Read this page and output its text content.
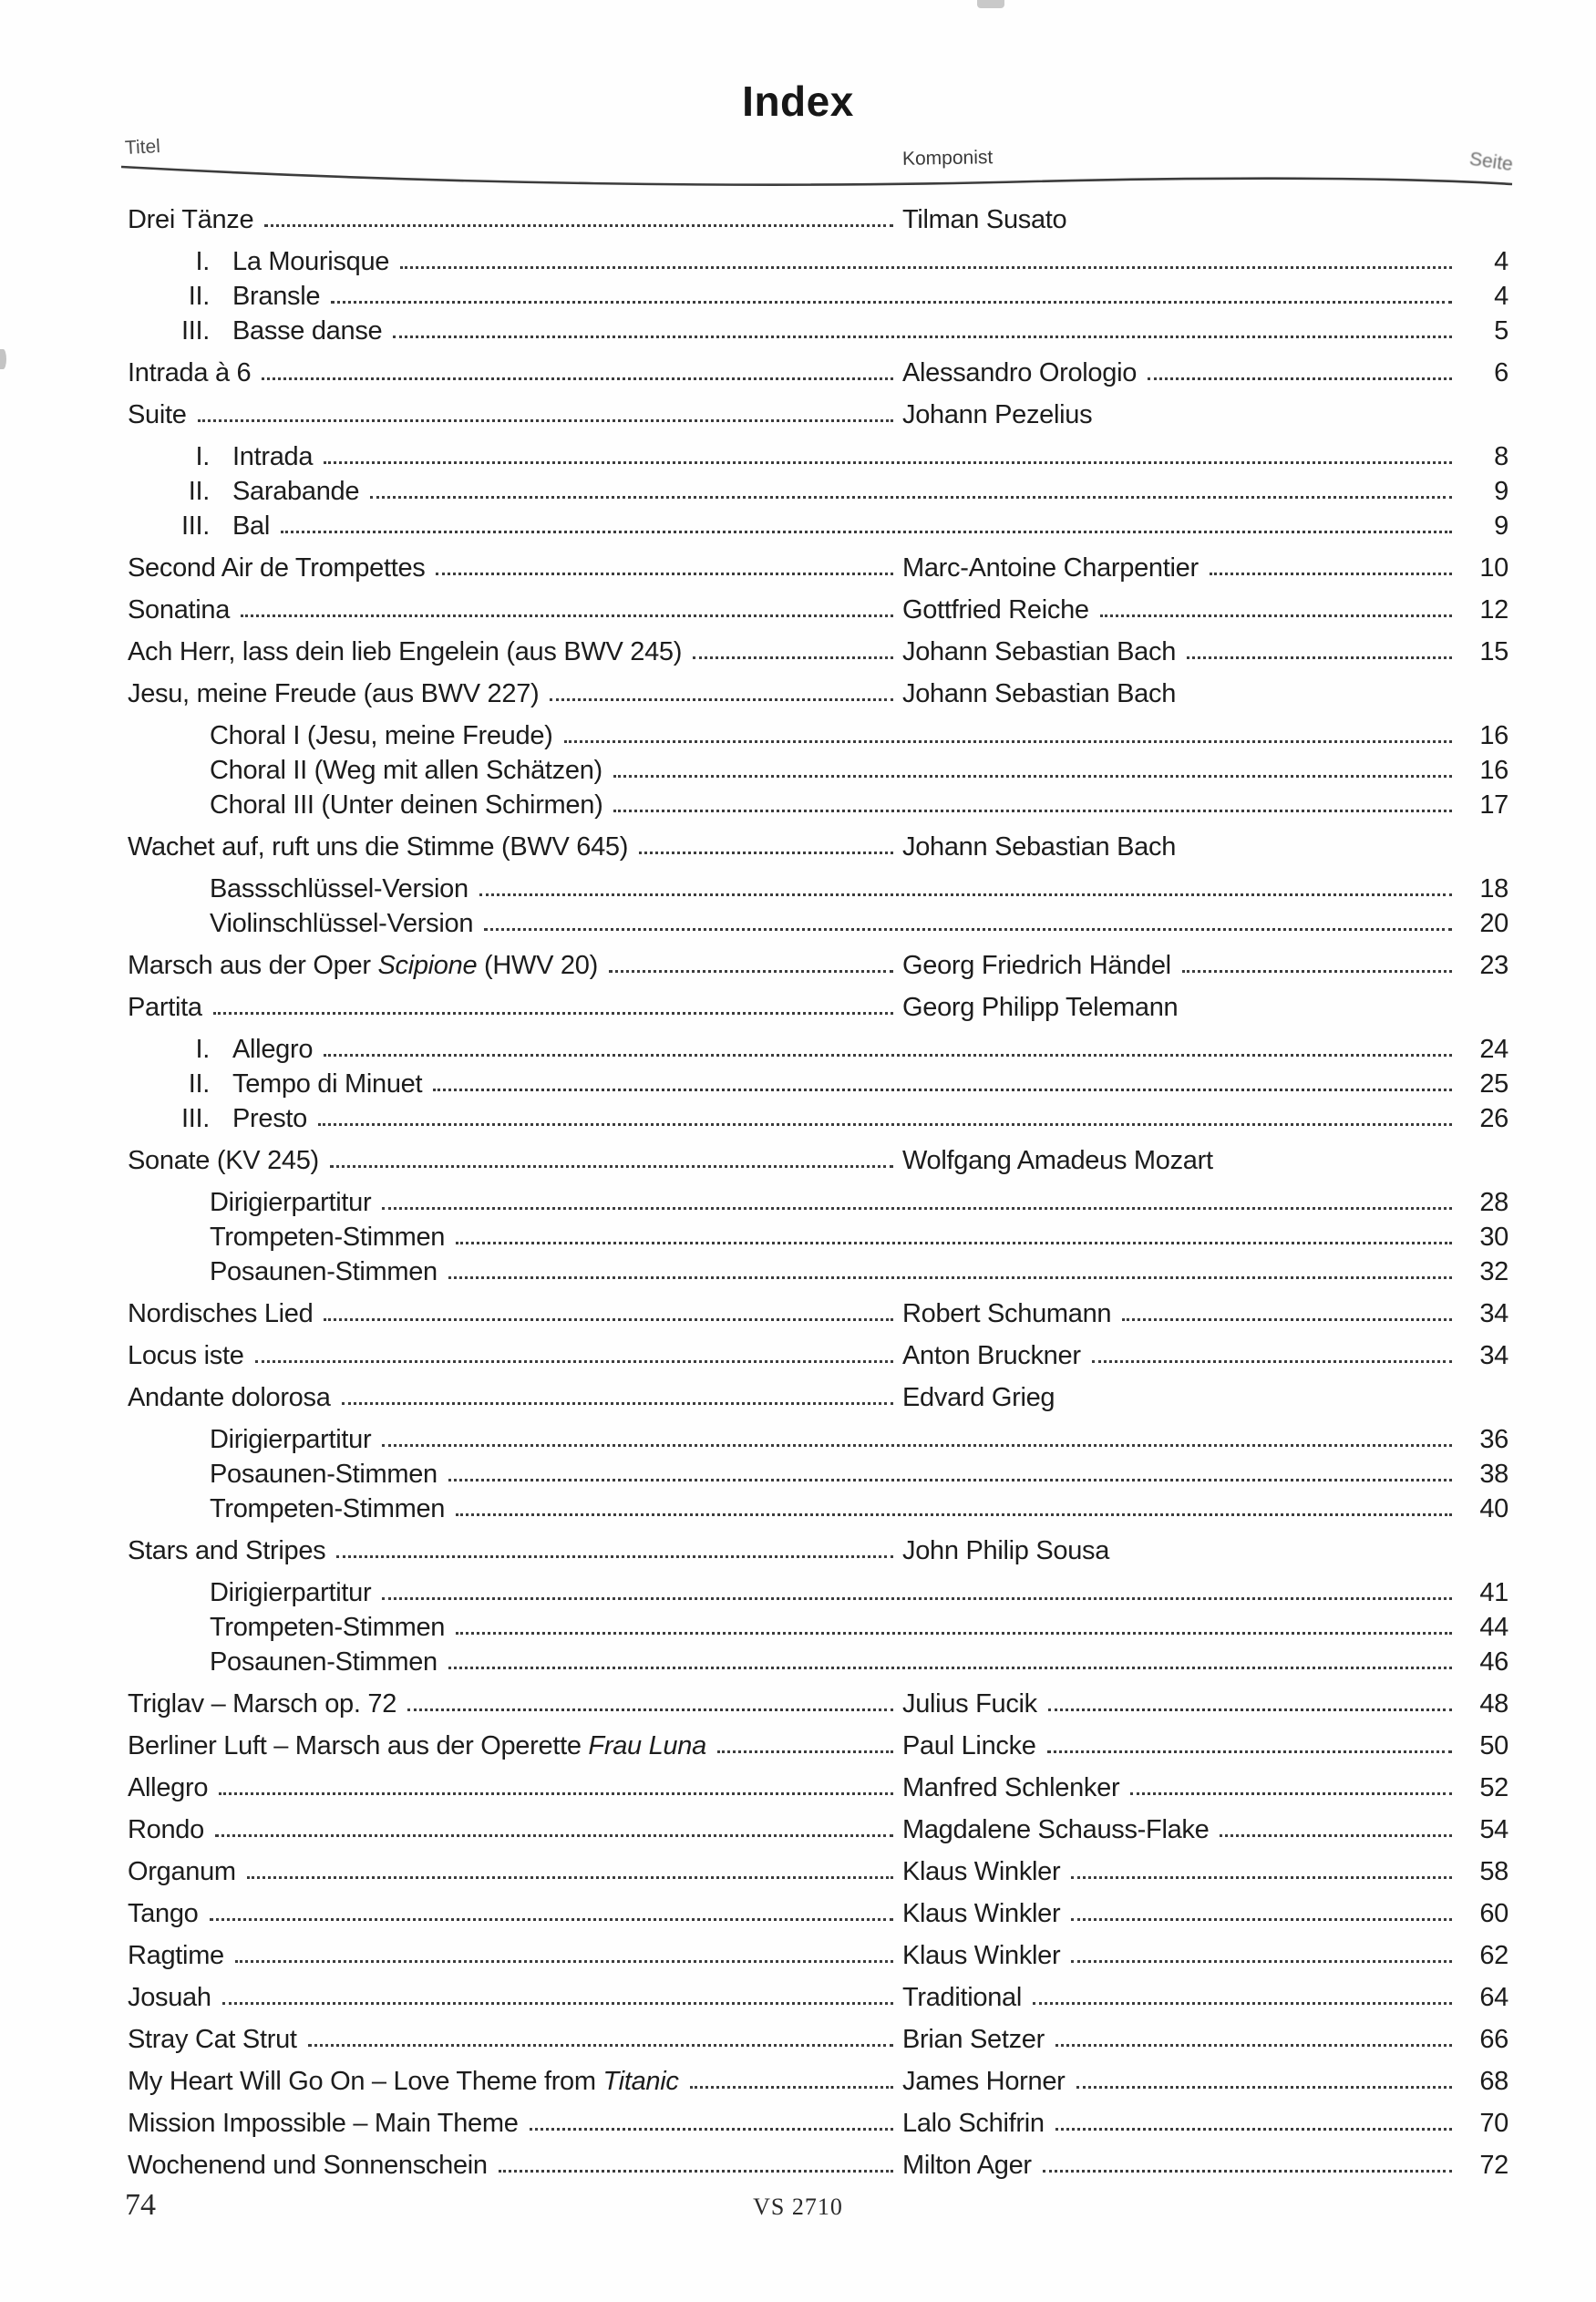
Index
Titel	Komponist	Seite
Drei Tänze	Tilman Susato
I. La Mourisque	4
II. Bransle	4
III. Basse danse	5
Intrada à 6	Alessandro Orologio	6
Suite	Johann Pezelius
I. Intrada	8
II. Sarabande	9
III. Bal	9
Second Air de Trompettes	Marc-Antoine Charpentier	10
Sonatina	Gottfried Reiche	12
Ach Herr, lass dein lieb Engelein (aus BWV 245)	Johann Sebastian Bach	15
Jesu, meine Freude (aus BWV 227)	Johann Sebastian Bach
Choral I (Jesu, meine Freude)	16
Choral II (Weg mit allen Schätzen)	16
Choral III (Unter deinen Schirmen)	17
Wachet auf, ruft uns die Stimme (BWV 645)	Johann Sebastian Bach
Bassschlüssel-Version	18
Violinschlüssel-Version	20
Marsch aus der Oper Scipione (HWV 20)	Georg Friedrich Händel	23
Partita	Georg Philipp Telemann
I. Allegro	24
II. Tempo di Minuet	25
III. Presto	26
Sonate (KV 245)	Wolfgang Amadeus Mozart
Dirigierpartitur	28
Trompeten-Stimmen	30
Posaunen-Stimmen	32
Nordisches Lied	Robert Schumann	34
Locus iste	Anton Bruckner	34
Andante dolorosa	Edvard Grieg
Dirigierpartitur	36
Posaunen-Stimmen	38
Trompeten-Stimmen	40
Stars and Stripes	John Philip Sousa
Dirigierpartitur	41
Trompeten-Stimmen	44
Posaunen-Stimmen	46
Triglav – Marsch op. 72	Julius Fucik	48
Berliner Luft – Marsch aus der Operette Frau Luna	Paul Lincke	50
Allegro	Manfred Schlenker	52
Rondo	Magdalene Schauss-Flake	54
Organum	Klaus Winkler	58
Tango	Klaus Winkler	60
Ragtime	Klaus Winkler	62
Josuah	Traditional	64
Stray Cat Strut	Brian Setzer	66
My Heart Will Go On – Love Theme from Titanic	James Horner	68
Mission Impossible – Main Theme	Lalo Schifrin	70
Wochenend und Sonnenschein	Milton Ager	72
74	VS 2710
